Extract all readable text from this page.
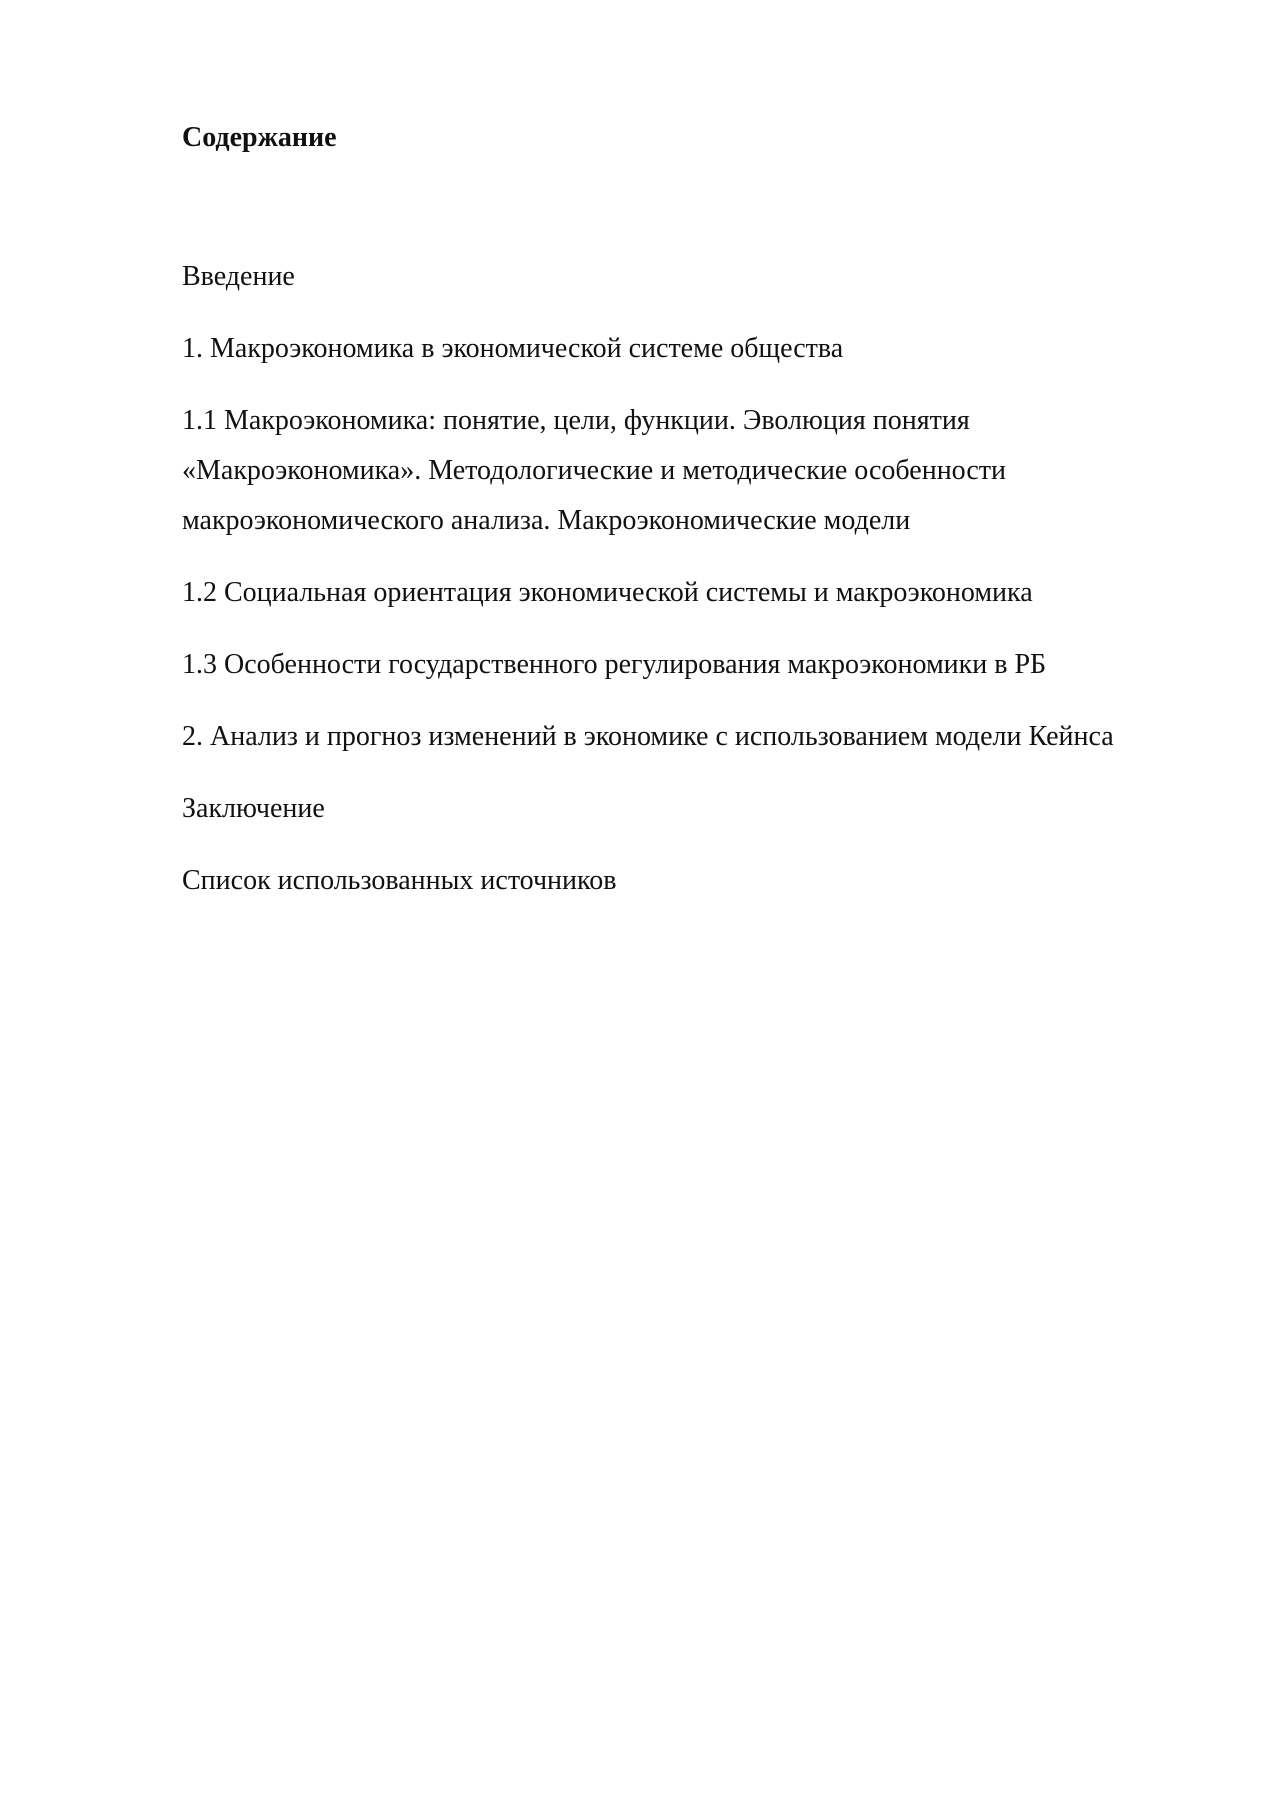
Содержание
Введение
1. Макроэкономика в экономической системе общества
1.1 Макроэкономика: понятие, цели, функции. Эволюция понятия «Макроэкономика». Методологические и методические особенности макроэкономического анализа. Макроэкономические модели
1.2 Социальная ориентация экономической системы и макроэкономика
1.3 Особенности государственного регулирования макроэкономики в РБ
2. Анализ и прогноз изменений в экономике с использованием модели Кейнса
Заключение
Список использованных источников
